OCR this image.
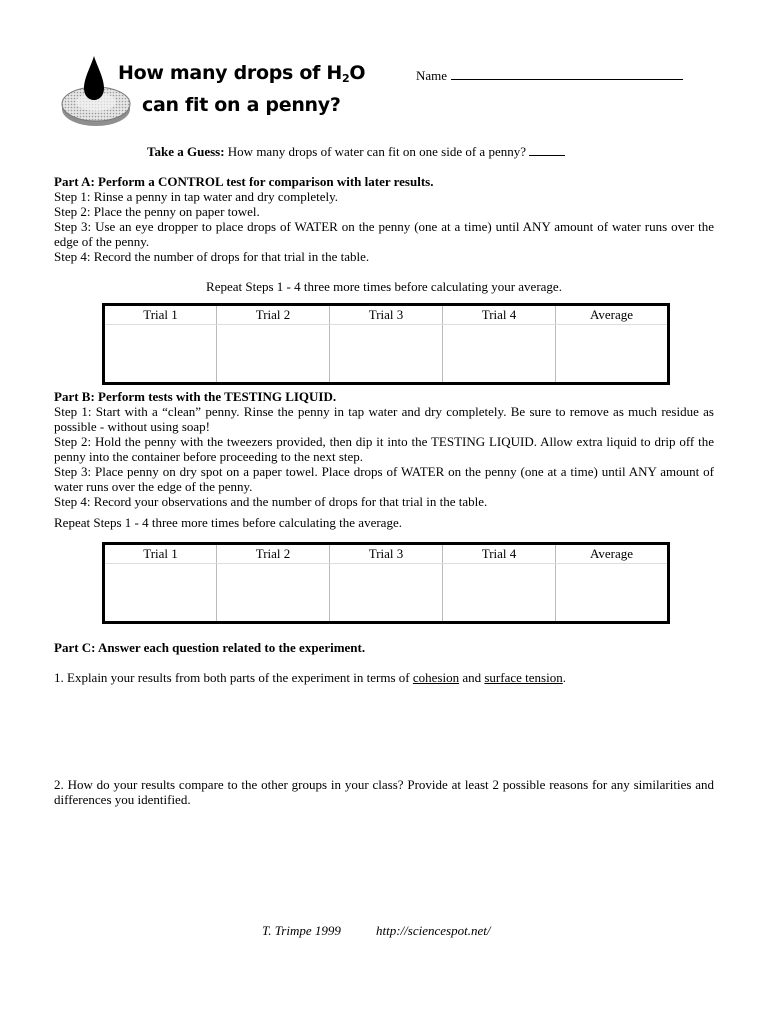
How many drops of $H_2O$
can fit on a penny?
Name
Take a Guess: How many drops of water can fit on one side of a penny?

Part A: Perform a CONTROL test for comparison with later results.

Step 1: Rinse a penny in tap water and dry completely.

Step 2: Place the penny on paper towel.

Step 3: Use an eye dropper to place drops of WATER on the penny (one at a time) until ANY amount of water runs over the edge of the penny.

Step 4: Record the number of drops for that trial in the table.

Repeat Steps 1 - 4 three more times before calculating your average.
Trial 1	Trial 2	Trial 3	Trial 4	Average

Part B: Perform tests with the TESTING LIQUID.

Step 1: Start with a “clean” penny. Rinse the penny in tap water and dry completely. Be sure to remove as much residue as possible - without using soap!

Step 2: Hold the penny with the tweezers provided, then dip it into the TESTING LIQUID. Allow extra liquid to drip off the penny into the container before proceeding to the next step.

Step 3: Place penny on dry spot on a paper towel. Place drops of WATER on the penny (one at a time) until ANY amount of water runs over the edge of the penny.

Step 4: Record your observations and the number of drops for that trial in the table.

Repeat Steps 1 - 4 three more times before calculating the average.
Trial 1	Trial 2	Trial 3	Trial 4	Average

Part C: Answer each question related to the experiment.
1. Explain your results from both parts of the experiment in terms of cohesion and surface tension.

2. How do your results compare to the other groups in your class? Provide at least 2 possible reasons for any similarities and differences you identified.

T. Trimpe 1999	http://sciencespot.net/
